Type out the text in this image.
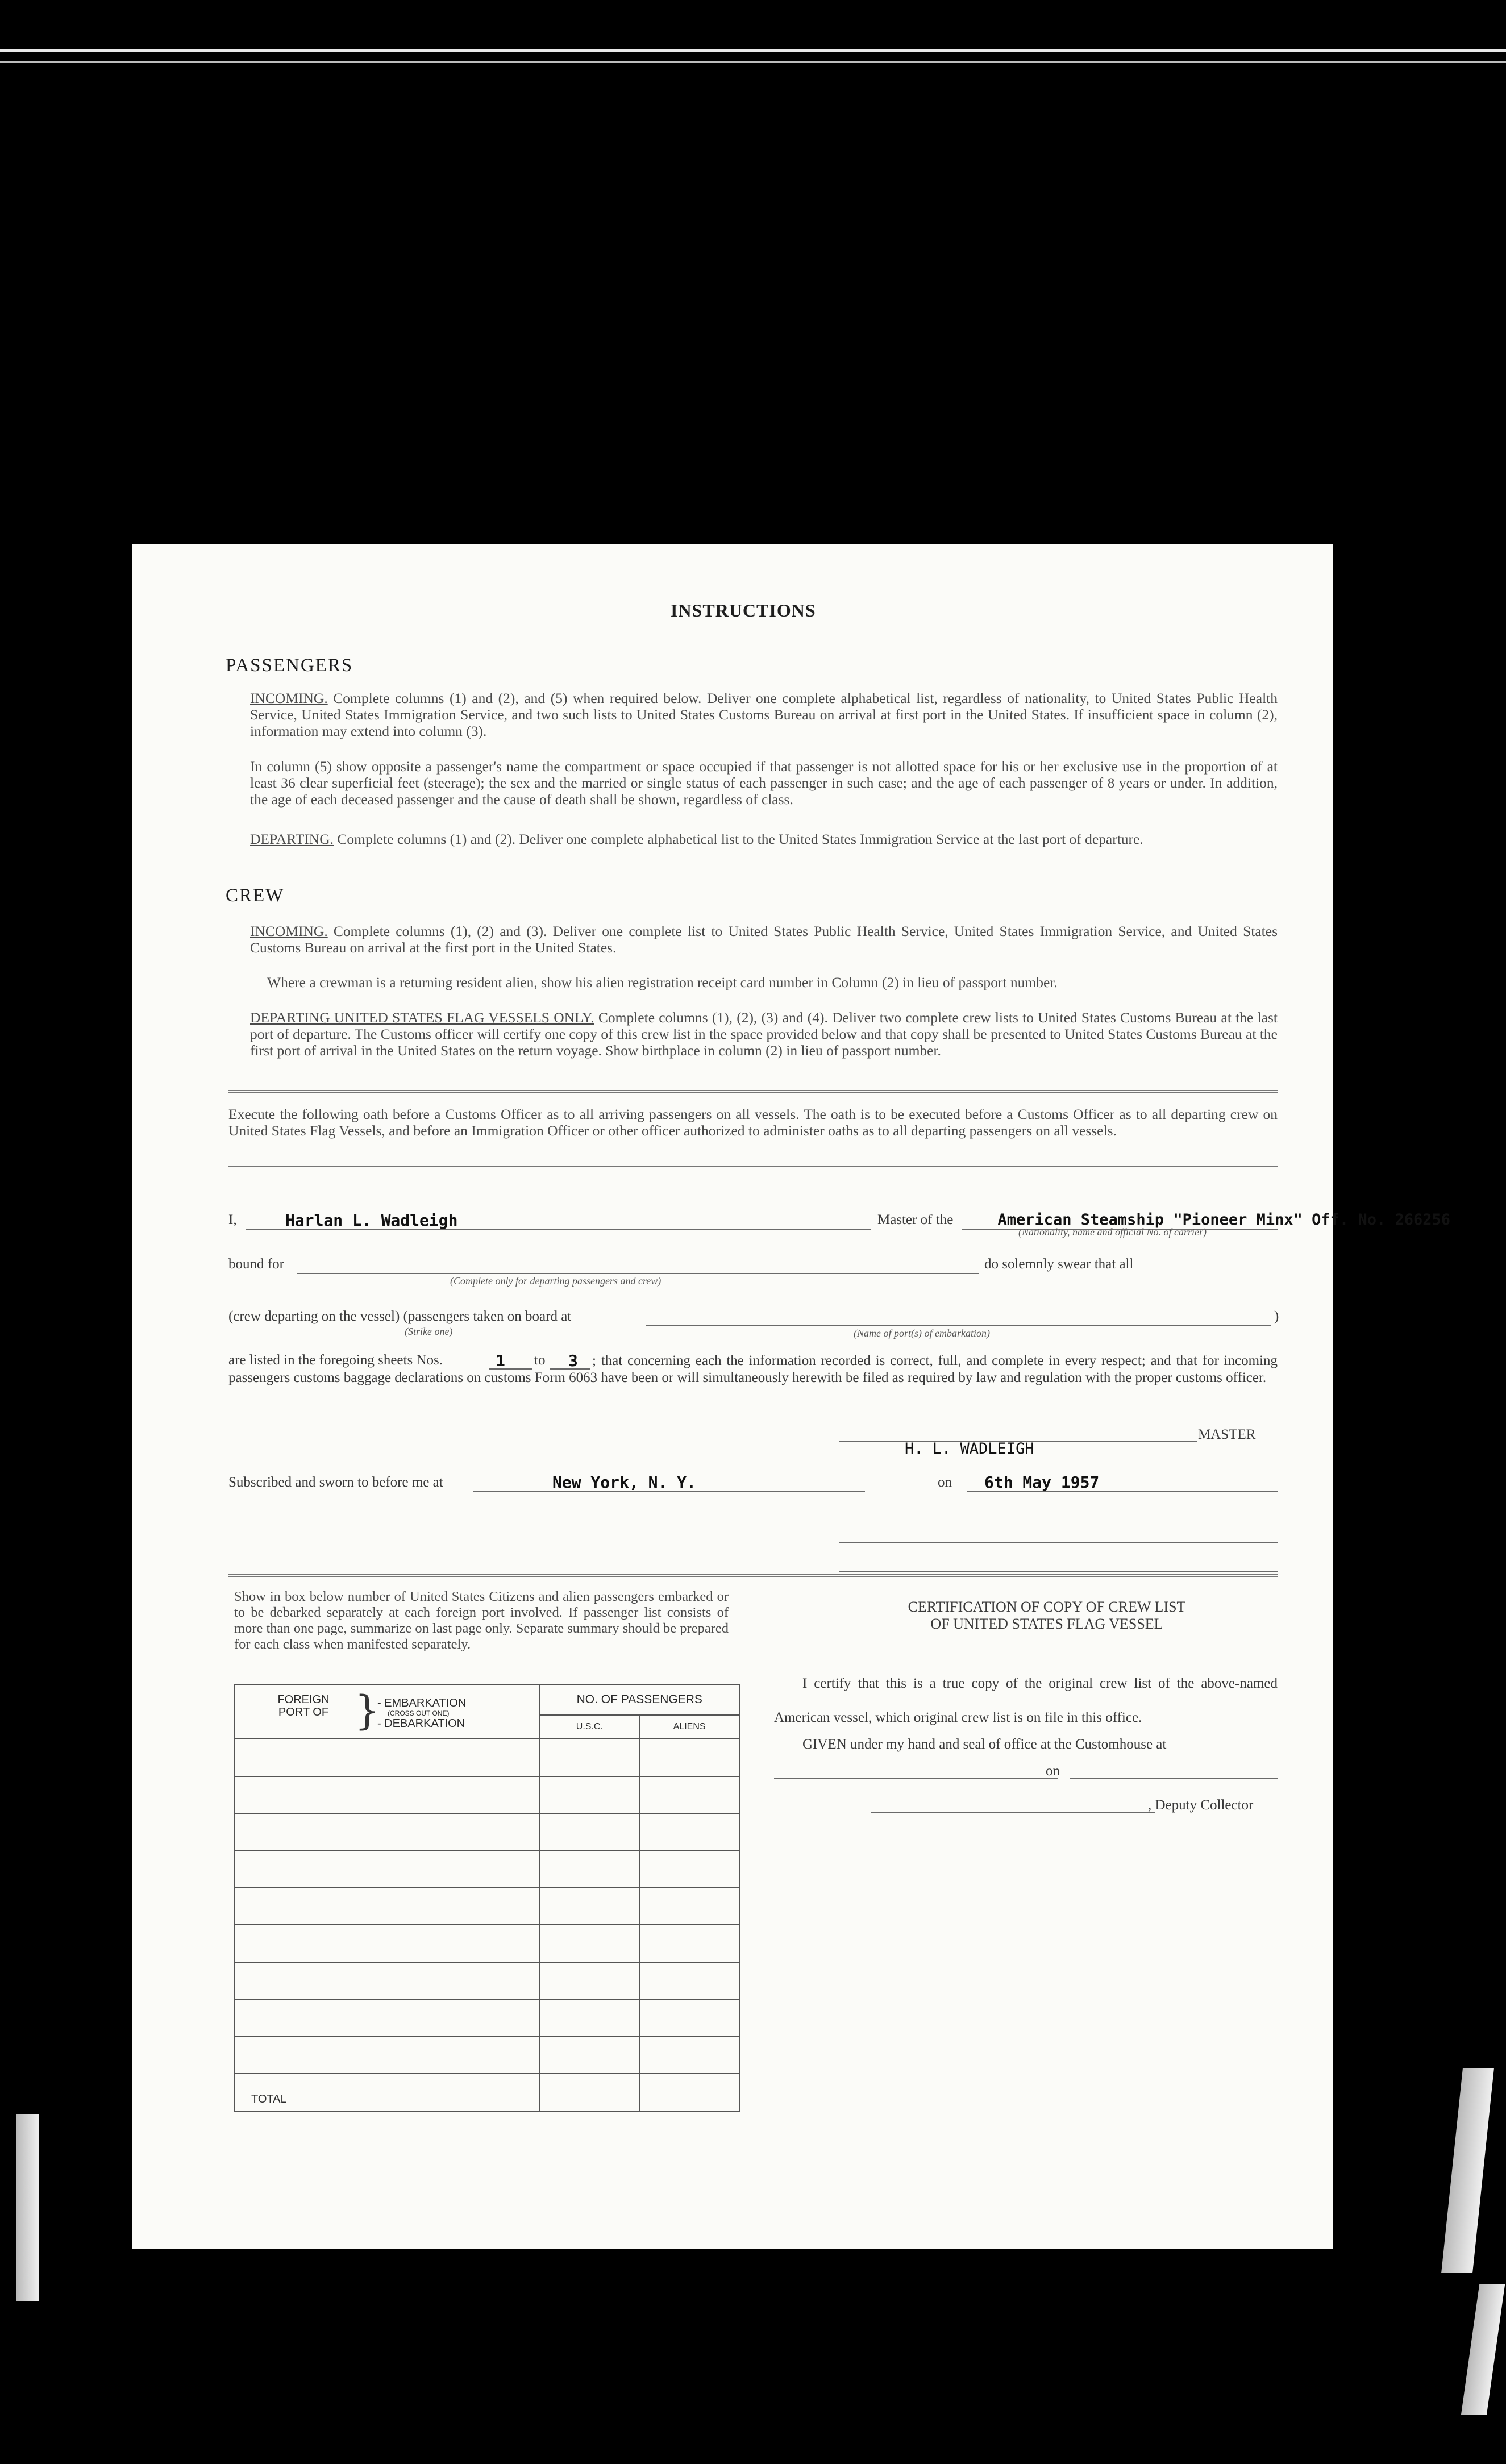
INSTRUCTIONS
PASSENGERS
INCOMING. Complete columns (1) and (2), and (5) when required below. Deliver one complete alphabetical list, regardless of nationality, to United States Public Health Service, United States Immigration Service, and two such lists to United States Customs Bureau on arrival at first port in the United States. If insufficient space in column (2), information may extend into column (3).
In column (5) show opposite a passenger's name the compartment or space occupied if that passenger is not allotted space for his or her exclusive use in the proportion of at least 36 clear superficial feet (steerage); the sex and the married or single status of each passenger in such case; and the age of each passenger of 8 years or under. In addition, the age of each deceased passenger and the cause of death shall be shown, regardless of class.
DEPARTING. Complete columns (1) and (2). Deliver one complete alphabetical list to the United States Immigration Service at the last port of departure.
CREW
INCOMING. Complete columns (1), (2) and (3). Deliver one complete list to United States Public Health Service, United States Immigration Service, and United States Customs Bureau on arrival at the first port in the United States.
Where a crewman is a returning resident alien, show his alien registration receipt card number in Column (2) in lieu of passport number.
DEPARTING UNITED STATES FLAG VESSELS ONLY. Complete columns (1), (2), (3) and (4). Deliver two complete crew lists to United States Customs Bureau at the last port of departure. The Customs officer will certify one copy of this crew list in the space provided below and that copy shall be presented to United States Customs Bureau at the first port of arrival in the United States on the return voyage. Show birthplace in column (2) in lieu of passport number.
Execute the following oath before a Customs Officer as to all arriving passengers on all vessels. The oath is to be executed before a Customs Officer as to all departing crew on United States Flag Vessels, and before an Immigration Officer or other officer authorized to administer oaths as to all departing passengers on all vessels.
I,	Harlan L. Wadleigh	Master of the	American Steamship "Pioneer Minx" Off. No. 266256
(Nationality, name and official No. of carrier)
bound for
(Complete only for departing passengers and crew)
do solemnly swear that all
(crew departing on the vessel) (passengers taken on board at	)
(Strike one)	(Name of port(s) of embarkation)
are listed in the foregoing sheets Nos.	1 to 3	; that concerning each the information recorded is correct, full, and complete in every respect; and that for incoming passengers customs baggage declarations on customs Form 6063 have been or will simultaneously herewith be filed as required by law and regulation with the proper customs officer.
MASTER
H. L. WADLEIGH
Subscribed and sworn to before me at	New York, N. Y.	on 6th May 1957
Show in box below number of United States Citizens and alien passengers embarked or to be debarked separately at each foreign port involved. If passenger list consists of more than one page, summarize on last page only. Separate summary should be prepared for each class when manifested separately.
FOREIGN PORT OF }
- EMBARKATION
(CROSS OUT ONE)
- DEBARKATION	NO. OF PASSENGERS	
	U.S.C.	ALIENS

TOTAL		
CERTIFICATION OF COPY OF CREW LIST
OF UNITED STATES FLAG VESSEL
I certify that this is a true copy of the original crew list of the above-named American vessel, which original crew list is on file in this office.
GIVEN under my hand and seal of office at the Customhouse at
on
, Deputy Collector
